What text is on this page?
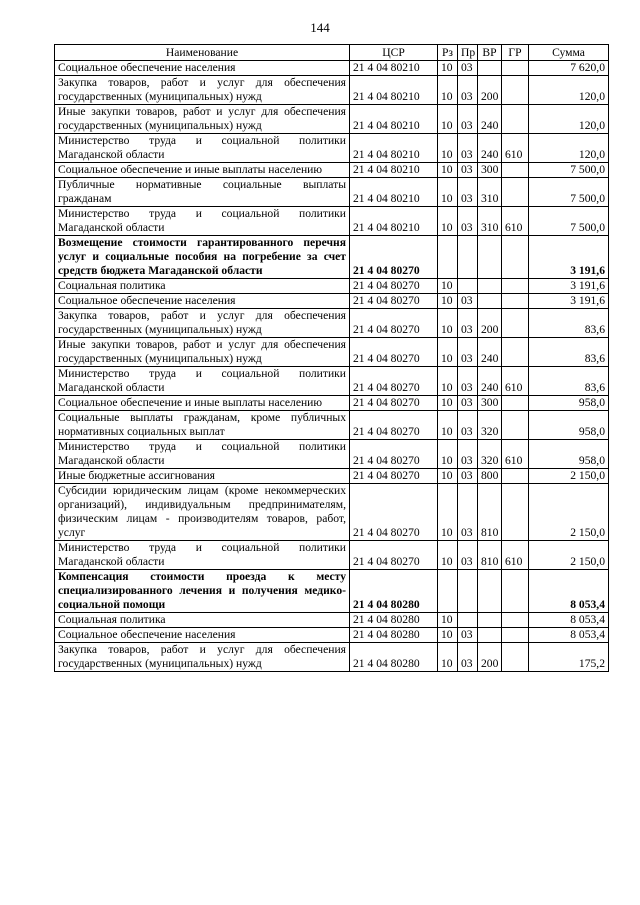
144
Наименование	ЦСР	Рз	Пр	ВР	ГР	Сумма
Социальное обеспечение населения	21 4 04 80210	10	03			7 620,0
Закупка товаров, работ и услуг для обеспечения государственных (муниципальных) нужд	21 4 04 80210	10	03	200		120,0
Иные закупки товаров, работ и услуг для обеспечения государственных (муниципальных) нужд	21 4 04 80210	10	03	240		120,0
Министерство труда и социальной политики Магаданской области	21 4 04 80210	10	03	240	610	120,0
Социальное обеспечение и иные выплаты населению	21 4 04 80210	10	03	300		7 500,0
Публичные нормативные социальные выплаты гражданам	21 4 04 80210	10	03	310		7 500,0
Министерство труда и социальной политики Магаданской области	21 4 04 80210	10	03	310	610	7 500,0
Возмещение стоимости гарантированного перечня услуг и социальные пособия на погребение за счет средств бюджета Магаданской области	21 4 04 80270					3 191,6
Социальная политика	21 4 04 80270	10				3 191,6
Социальное обеспечение населения	21 4 04 80270	10	03			3 191,6
Закупка товаров, работ и услуг для обеспечения государственных (муниципальных) нужд	21 4 04 80270	10	03	200		83,6
Иные закупки товаров, работ и услуг для обеспечения государственных (муниципальных) нужд	21 4 04 80270	10	03	240		83,6
Министерство труда и социальной политики Магаданской области	21 4 04 80270	10	03	240	610	83,6
Социальное обеспечение и иные выплаты населению	21 4 04 80270	10	03	300		958,0
Социальные выплаты гражданам, кроме публичных нормативных социальных выплат	21 4 04 80270	10	03	320		958,0
Министерство труда и социальной политики Магаданской области	21 4 04 80270	10	03	320	610	958,0
Иные бюджетные ассигнования	21 4 04 80270	10	03	800		2 150,0
Субсидии юридическим лицам (кроме некоммерческих организаций), индивидуальным предпринимателям, физическим лицам - производителям товаров, работ, услуг	21 4 04 80270	10	03	810		2 150,0
Министерство труда и социальной политики Магаданской области	21 4 04 80270	10	03	810	610	2 150,0
Компенсация стоимости проезда к месту специализированного лечения и получения медико-социальной помощи	21 4 04 80280					8 053,4
Социальная политика	21 4 04 80280	10				8 053,4
Социальное обеспечение населения	21 4 04 80280	10	03			8 053,4
Закупка товаров, работ и услуг для обеспечения государственных (муниципальных) нужд	21 4 04 80280	10	03	200		175,2
